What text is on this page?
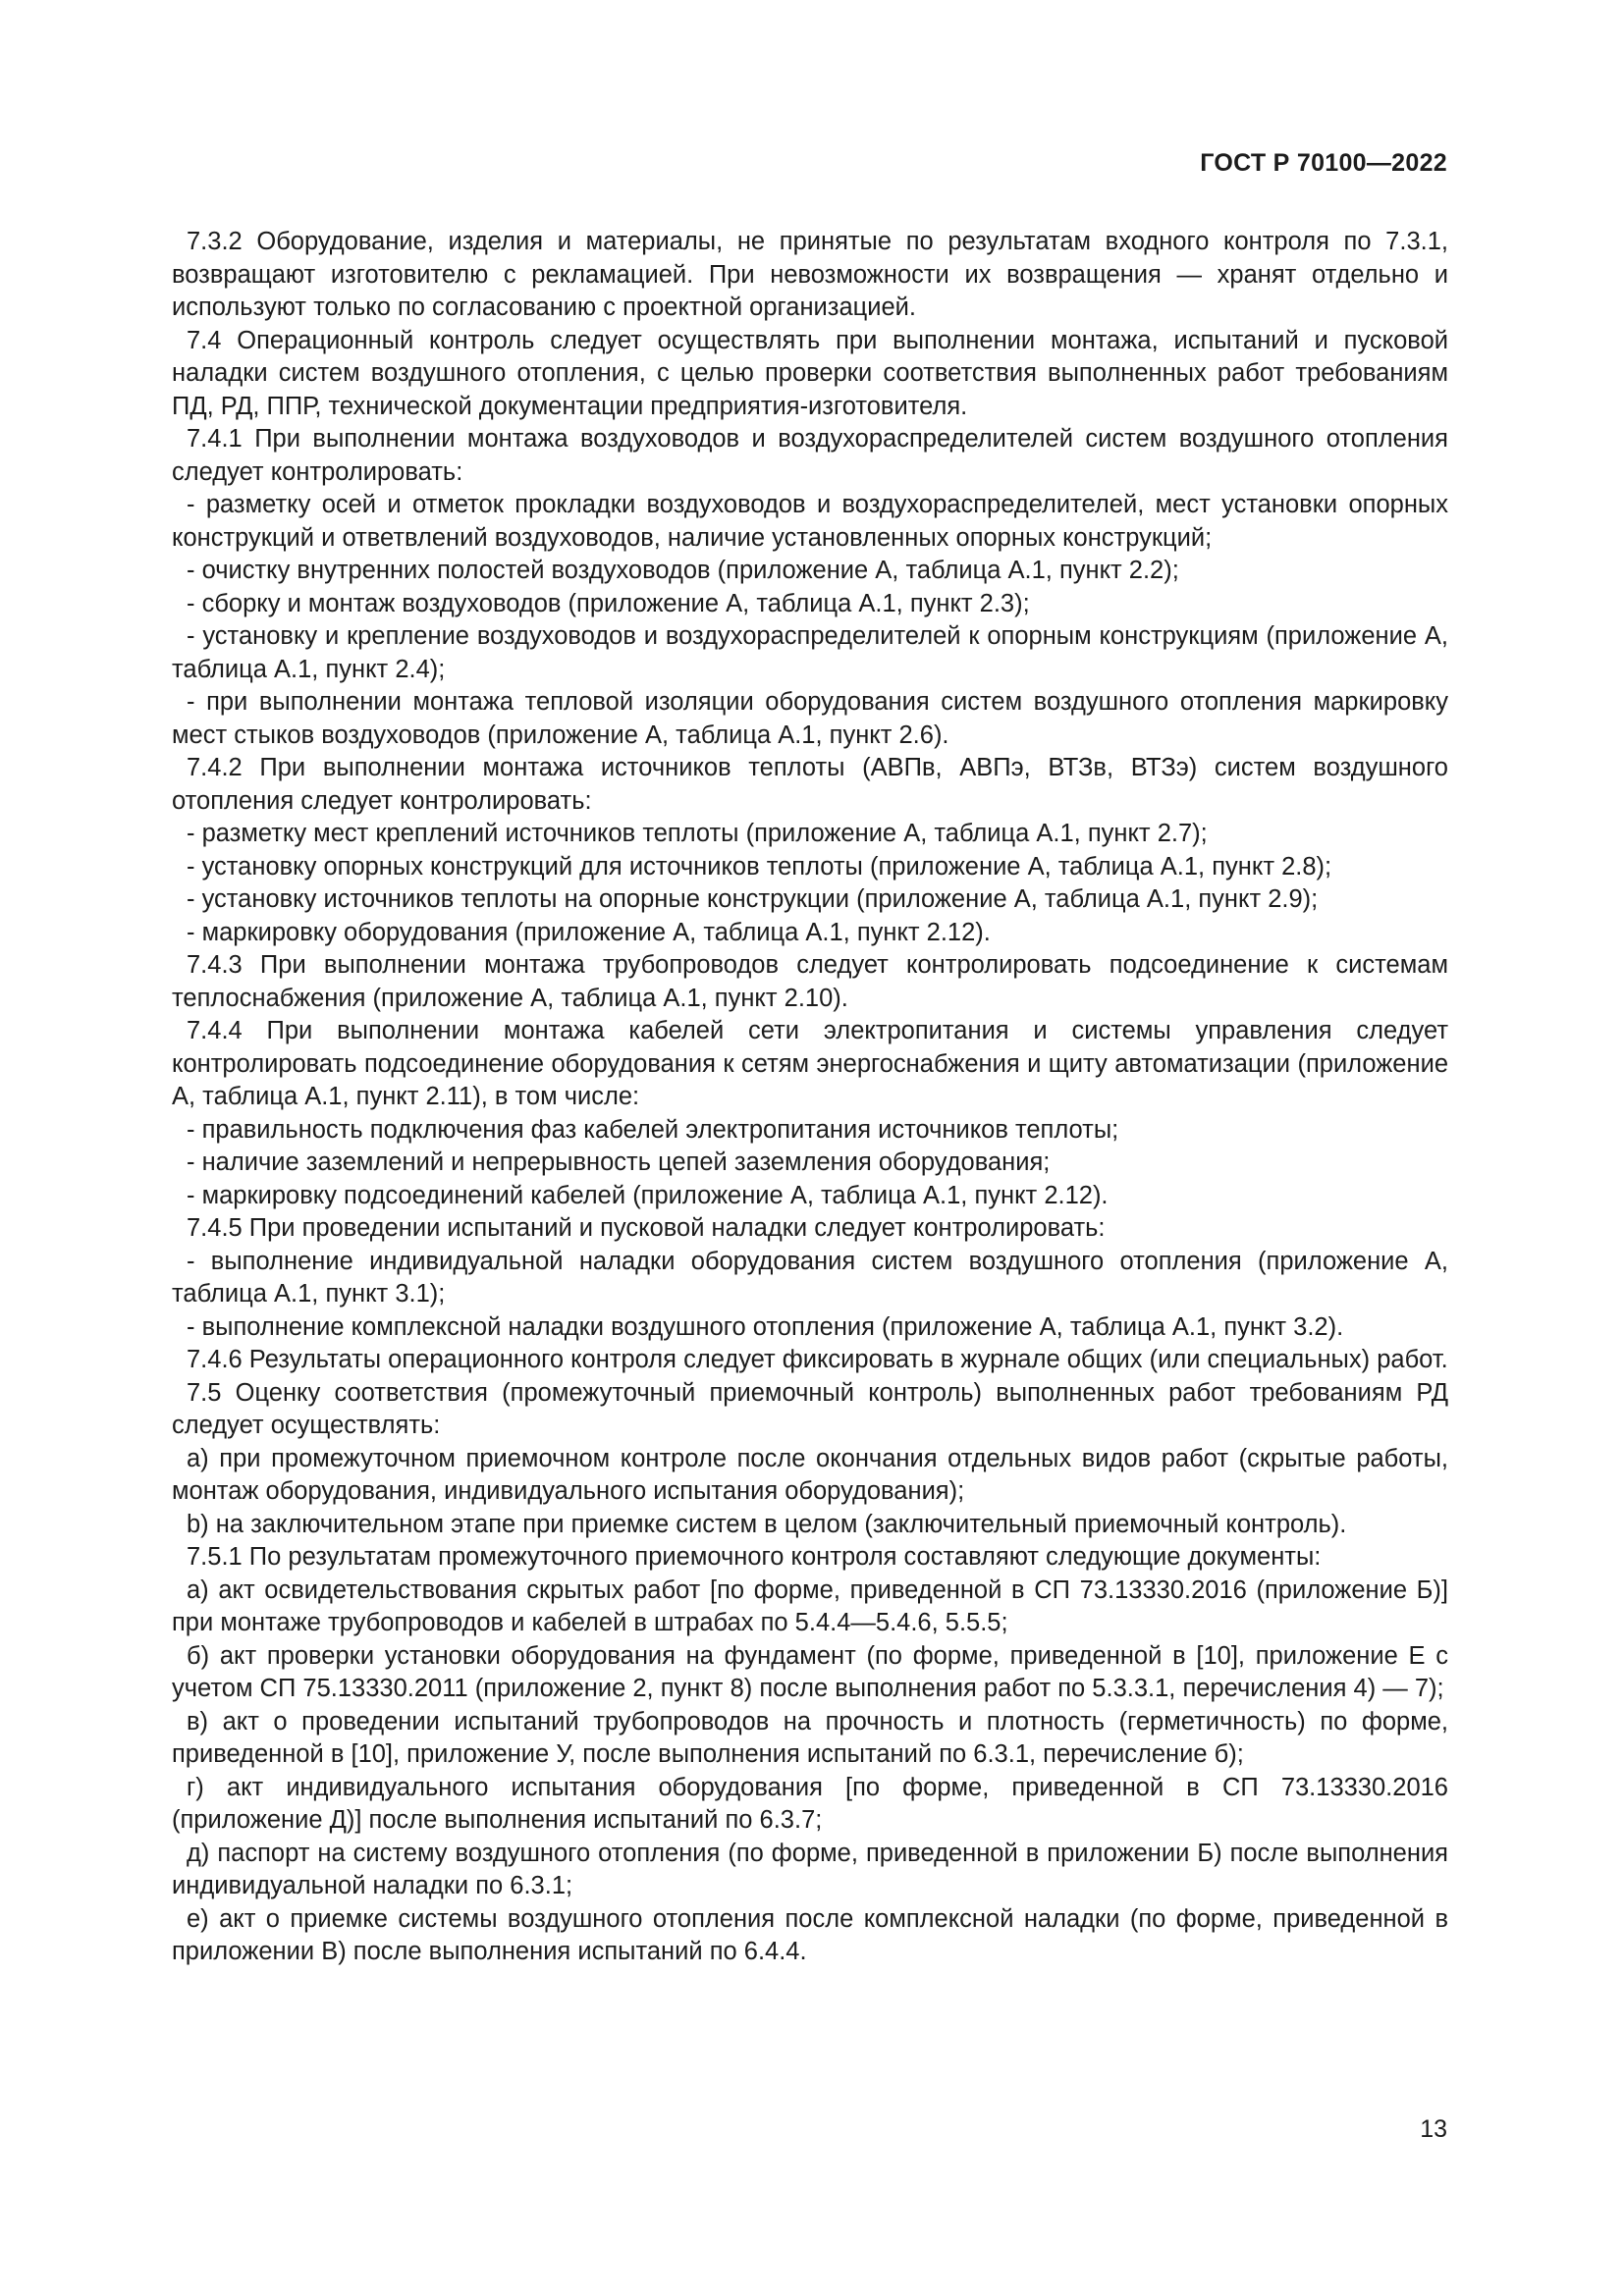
ГОСТ Р 70100—2022

7.3.2 Оборудование, изделия и материалы, не принятые по результатам входного контроля по 7.3.1, возвращают изготовителю с рекламацией. При невозможности их возвращения — хранят отдельно и используют только по согласованию с проектной организацией.

7.4 Операционный контроль следует осуществлять при выполнении монтажа, испытаний и пусковой наладки систем воздушного отопления, с целью проверки соответствия выполненных работ требованиям ПД, РД, ППР, технической документации предприятия-изготовителя.

7.4.1 При выполнении монтажа воздуховодов и воздухораспределителей систем воздушного отопления следует контролировать:

- разметку осей и отметок прокладки воздуховодов и воздухораспределителей, мест установки опорных конструкций и ответвлений воздуховодов, наличие установленных опорных конструкций;

- очистку внутренних полостей воздуховодов (приложение А, таблица А.1, пункт 2.2);

- сборку и монтаж воздуховодов (приложение А, таблица А.1, пункт 2.3);

- установку и крепление воздуховодов и воздухораспределителей к опорным конструкциям (приложение А, таблица А.1, пункт 2.4);

- при выполнении монтажа тепловой изоляции оборудования систем воздушного отопления маркировку мест стыков воздуховодов (приложение А, таблица А.1, пункт 2.6).

7.4.2 При выполнении монтажа источников теплоты (АВПв, АВПэ, ВТЗв, ВТЗэ) систем воздушного отопления следует контролировать:

- разметку мест креплений источников теплоты (приложение А, таблица А.1, пункт 2.7);

- установку опорных конструкций для источников теплоты (приложение А, таблица А.1, пункт 2.8);

- установку источников теплоты на опорные конструкции (приложение А, таблица А.1, пункт 2.9);

- маркировку оборудования (приложение А, таблица А.1, пункт 2.12).

7.4.3 При выполнении монтажа трубопроводов следует контролировать подсоединение к системам теплоснабжения (приложение А, таблица А.1, пункт 2.10).

7.4.4 При выполнении монтажа кабелей сети электропитания и системы управления следует контролировать подсоединение оборудования к сетям энергоснабжения и щиту автоматизации (приложение А, таблица А.1, пункт 2.11), в том числе:

- правильность подключения фаз кабелей электропитания источников теплоты;

- наличие заземлений и непрерывность цепей заземления оборудования;

- маркировку подсоединений кабелей (приложение А, таблица А.1, пункт 2.12).

7.4.5 При проведении испытаний и пусковой наладки следует контролировать:

- выполнение индивидуальной наладки оборудования систем воздушного отопления (приложение А, таблица А.1, пункт 3.1);

- выполнение комплексной наладки воздушного отопления (приложение А, таблица А.1, пункт 3.2).

7.4.6 Результаты операционного контроля следует фиксировать в журнале общих (или специальных) работ.

7.5 Оценку соответствия (промежуточный приемочный контроль) выполненных работ требованиям РД следует осуществлять:

a) при промежуточном приемочном контроле после окончания отдельных видов работ (скрытые работы, монтаж оборудования, индивидуального испытания оборудования);

b) на заключительном этапе при приемке систем в целом (заключительный приемочный контроль).

7.5.1 По результатам промежуточного приемочного контроля составляют следующие документы:

а) акт освидетельствования скрытых работ [по форме, приведенной в СП 73.13330.2016 (приложение Б)] при монтаже трубопроводов и кабелей в штрабах по 5.4.4—5.4.6, 5.5.5;

б) акт проверки установки оборудования на фундамент (по форме, приведенной в [10], приложение Е с учетом СП 75.13330.2011 (приложение 2, пункт 8) после выполнения работ по 5.3.3.1, перечисления 4) — 7);

в) акт о проведении испытаний трубопроводов на прочность и плотность (герметичность) по форме, приведенной в [10], приложение У, после выполнения испытаний по 6.3.1, перечисление б);

г) акт индивидуального испытания оборудования [по форме, приведенной в СП 73.13330.2016 (приложение Д)] после выполнения испытаний по 6.3.7;

д) паспорт на систему воздушного отопления (по форме, приведенной в приложении Б) после выполнения индивидуальной наладки по 6.3.1;

е) акт о приемке системы воздушного отопления после комплексной наладки (по форме, приведенной в приложении В) после выполнения испытаний по 6.4.4.

13
